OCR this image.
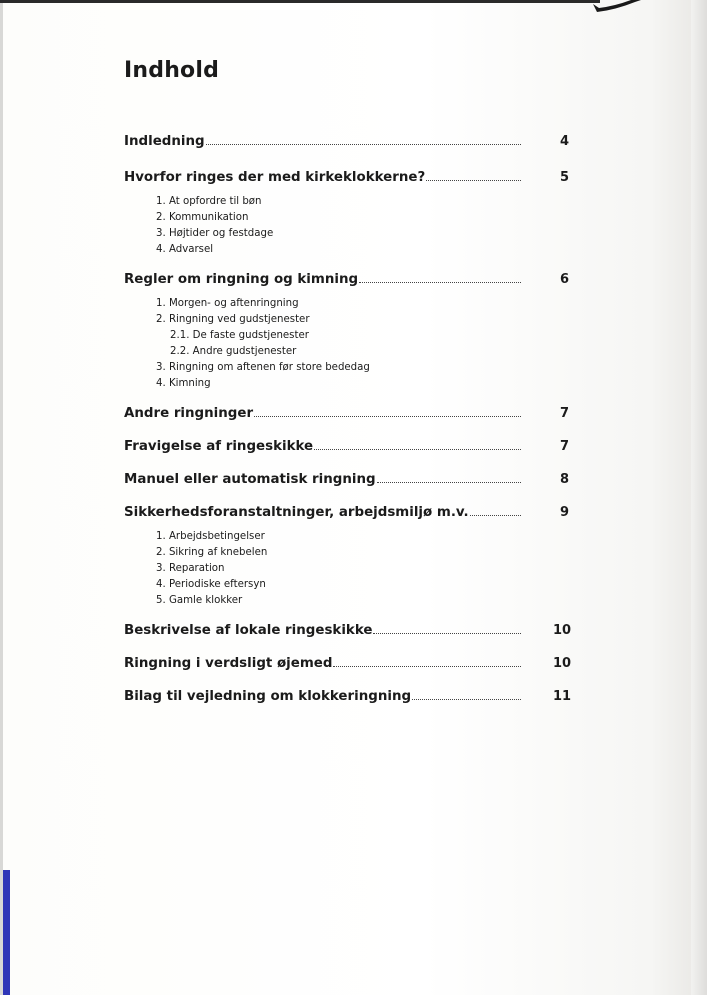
Indhold
Indledning	4
Hvorfor ringes der med kirkeklokkerne?	5
1. At opfordre til bøn
2. Kommunikation
3. Højtider og festdage
4. Advarsel
Regler om ringning og kimning	6
1. Morgen- og aftenringning
2. Ringning ved gudstjenester
2.1. De faste gudstjenester
2.2. Andre gudstjenester
3. Ringning om aftenen før store bededag
4. Kimning
Andre ringninger	7
Fravigelse af ringeskikke	7
Manuel eller automatisk ringning	8
Sikkerhedsforanstaltninger, arbejdsmiljø m.v.	9
1. Arbejdsbetingelser
2. Sikring af knebelen
3. Reparation
4. Periodiske eftersyn
5. Gamle klokker
Beskrivelse af lokale ringeskikke	10
Ringning i verdsligt øjemed	10
Bilag til vejledning om klokkeringning	11
